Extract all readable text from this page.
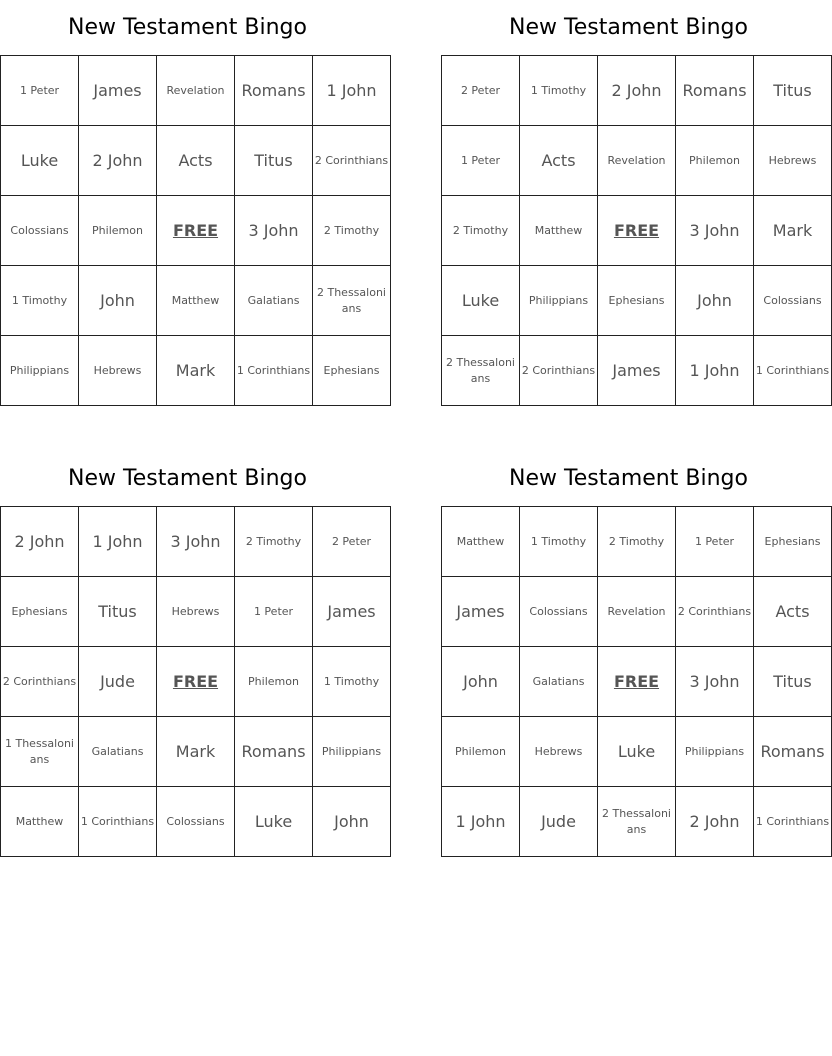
New Testament Bingo
1 Peter	James	Revelation	Romans	1 John
Luke	2 John	Acts	Titus	2 Corinthians
Colossians	Philemon	FREE	3 John	2 Timothy
1 Timothy	John	Matthew	Galatians	2 Thessalonians
Philippians	Hebrews	Mark	1 Corinthians	Ephesians
New Testament Bingo
2 Peter	1 Timothy	2 John	Romans	Titus
1 Peter	Acts	Revelation	Philemon	Hebrews
2 Timothy	Matthew	FREE	3 John	Mark
Luke	Philippians	Ephesians	John	Colossians
2 Thessalonians	2 Corinthians	James	1 John	1 Corinthians
New Testament Bingo
2 John	1 John	3 John	2 Timothy	2 Peter
Ephesians	Titus	Hebrews	1 Peter	James
2 Corinthians	Jude	FREE	Philemon	1 Timothy
1 Thessalonians	Galatians	Mark	Romans	Philippians
Matthew	1 Corinthians	Colossians	Luke	John
New Testament Bingo
Matthew	1 Timothy	2 Timothy	1 Peter	Ephesians
James	Colossians	Revelation	2 Corinthians	Acts
John	Galatians	FREE	3 John	Titus
Philemon	Hebrews	Luke	Philippians	Romans
1 John	Jude	2 Thessalonians	2 John	1 Corinthians
